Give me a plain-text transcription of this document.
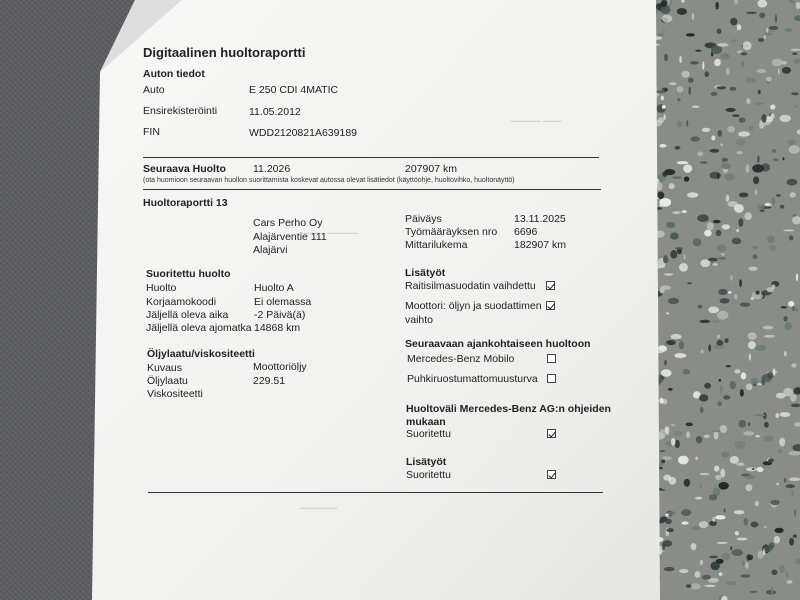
▁▁▁▁▁ ▁▁▁
▁▁▁▁ ▁▁▁▁▁
▁▁▁▁▁▁
Digitaalinen huoltoraportti
Auton tiedot
Auto	E 250 CDI 4MATIC
Ensirekisteröinti	11.05.2012
FIN	WDD2120821A639189
Seuraava Huolto	11.2026	207907 km
(ota huomioon seuraavan huollon suorittamista koskevat autossa olevat lisätiedot (käyttöohje, huoltovihko, huoltonäyttö)
Huoltoraportti 13
Cars Perho Oy
Alajärventie 111
Alajärvi
Päiväys	13.11.2025
Työmääräyksen nro 6696
Mittarilukema	182907 km
Suoritettu huolto
Huolto	Huolto A
Korjaamokoodi	Ei olemassa
Jäljellä oleva aika -2 Päivä(ä)
Jäljellä oleva ajomatka 14868 km
Öljylaatu/viskositeetti
Kuvaus	Moottoriöljy
Öljylaatu	229.51
Viskositeetti
Lisätyöt
Raitisilmasuodatin vaihdettu
Moottori: öljyn ja suodattimen
vaihto
Seuraavaan ajankohtaiseen huoltoon
Mercedes-Benz Mobilo
Puhkiruostumattomuusturva
Huoltoväli Mercedes-Benz AG:n ohjeiden
mukaan
Suoritettu
Lisätyöt
Suoritettu
